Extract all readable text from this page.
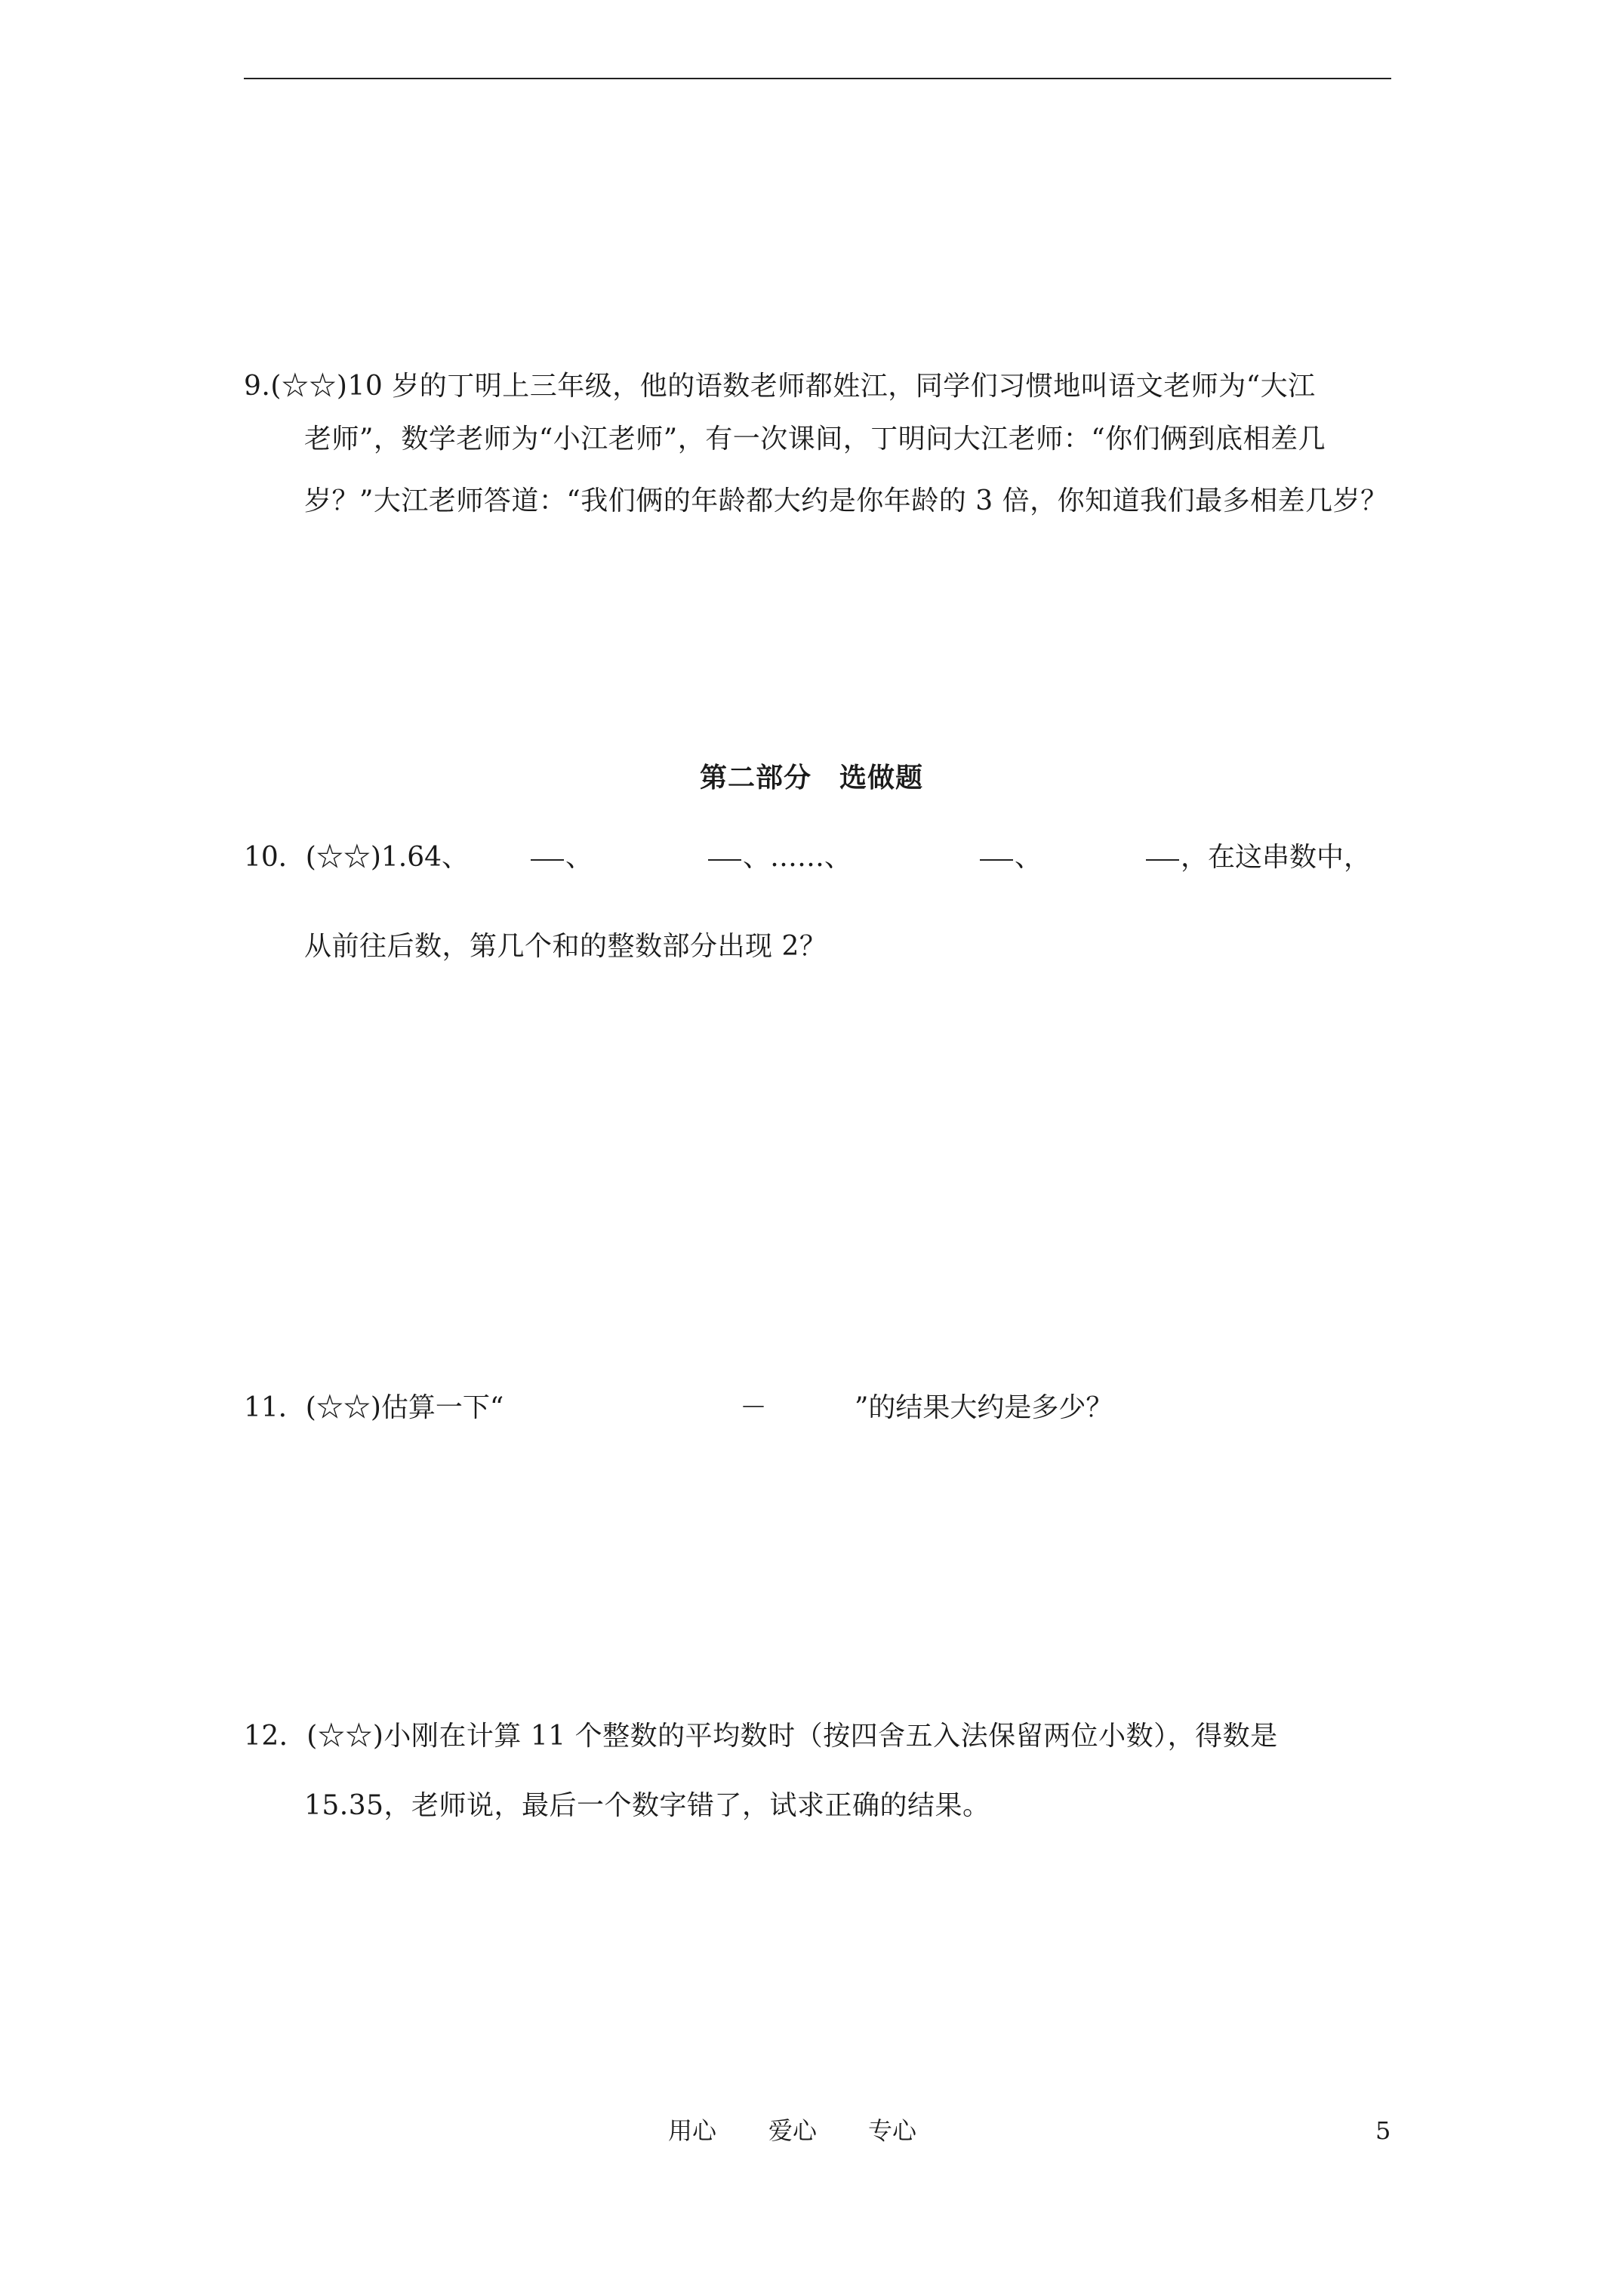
9.(☆☆)10 岁的丁明上三年级，他的语数老师都姓江，同学们习惯地叫语文老师为“大江
老师”，数学老师为“小江老师”，有一次课间，丁明问大江老师：“你们俩到底相差几
岁？”大江老师答道：“我们俩的年龄都大约是你年龄的 3 倍，你知道我们最多相差几岁？
第二部分　选做题
10．(☆☆)1.64、	、	、……、	、	，在这串数中，
从前往后数，第几个和的整数部分出现 2？
11．(☆☆)估算一下“	－	”的结果大约是多少？
12．(☆☆)小刚在计算 11 个整数的平均数时（按四舍五入法保留两位小数），得数是
15.35，老师说，最后一个数字错了，试求正确的结果。
用心 爱心 专心	5
